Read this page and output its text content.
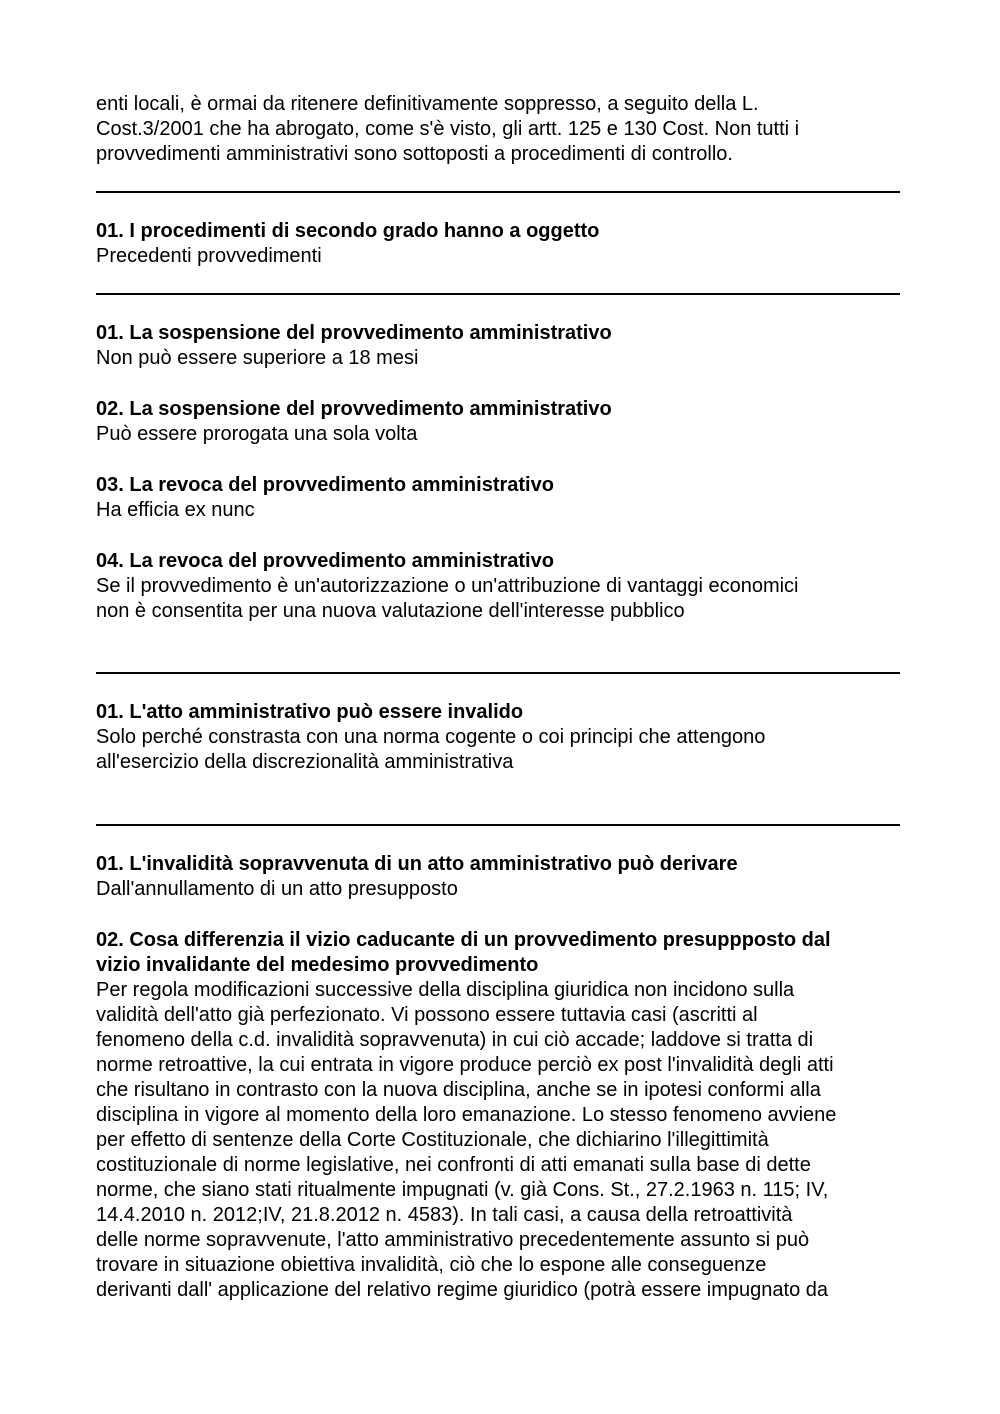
enti locali, è ormai da ritenere definitivamente soppresso, a seguito della L.
Cost.3/2001 che ha abrogato, come s'è visto, gli artt. 125 e 130 Cost. Non tutti i
provvedimenti amministrativi sono sottoposti a procedimenti di controllo.

01. I procedimenti di secondo grado hanno a oggetto

Precedenti provvedimenti

01. La sospensione del provvedimento amministrativo

Non può essere superiore a 18 mesi

02. La sospensione del provvedimento amministrativo

Può essere prorogata una sola volta

03. La revoca del provvedimento amministrativo

Ha efficia ex nunc

04. La revoca del provvedimento amministrativo

Se il provvedimento è un'autorizzazione o un'attribuzione di vantaggi economici
non è consentita per una nuova valutazione dell'interesse pubblico

01. L'atto amministrativo può essere invalido

Solo perché constrasta con una norma cogente o coi principi che attengono
all'esercizio della discrezionalità amministrativa

01. L'invalidità sopravvenuta di un atto amministrativo può derivare

Dall'annullamento di un atto presupposto

02. Cosa differenzia il vizio caducante di un provvedimento presuppposto dal
vizio invalidante del medesimo provvedimento

Per regola modificazioni successive della disciplina giuridica non incidono sulla
validità dell'atto già perfezionato. Vi possono essere tuttavia casi (ascritti al
fenomeno della c.d. invalidità sopravvenuta) in cui ciò accade; laddove si tratta di
norme retroattive, la cui entrata in vigore produce perciò ex post l'invalidità degli atti
che risultano in contrasto con la nuova disciplina, anche se in ipotesi conformi alla
disciplina in vigore al momento della loro emanazione. Lo stesso fenomeno avviene
per effetto di sentenze della Corte Costituzionale, che dichiarino l'illegittimità
costituzionale di norme legislative, nei confronti di atti emanati sulla base di dette
norme, che siano stati ritualmente impugnati (v. già Cons. St., 27.2.1963 n. 115; IV,
14.4.2010 n. 2012;IV, 21.8.2012 n. 4583). In tali casi, a causa della retroattività
delle norme sopravvenute, l'atto amministrativo precedentemente assunto si può
trovare in situazione obiettiva invalidità, ciò che lo espone alle conseguenze
derivanti dall' applicazione del relativo regime giuridico (potrà essere impugnato da
